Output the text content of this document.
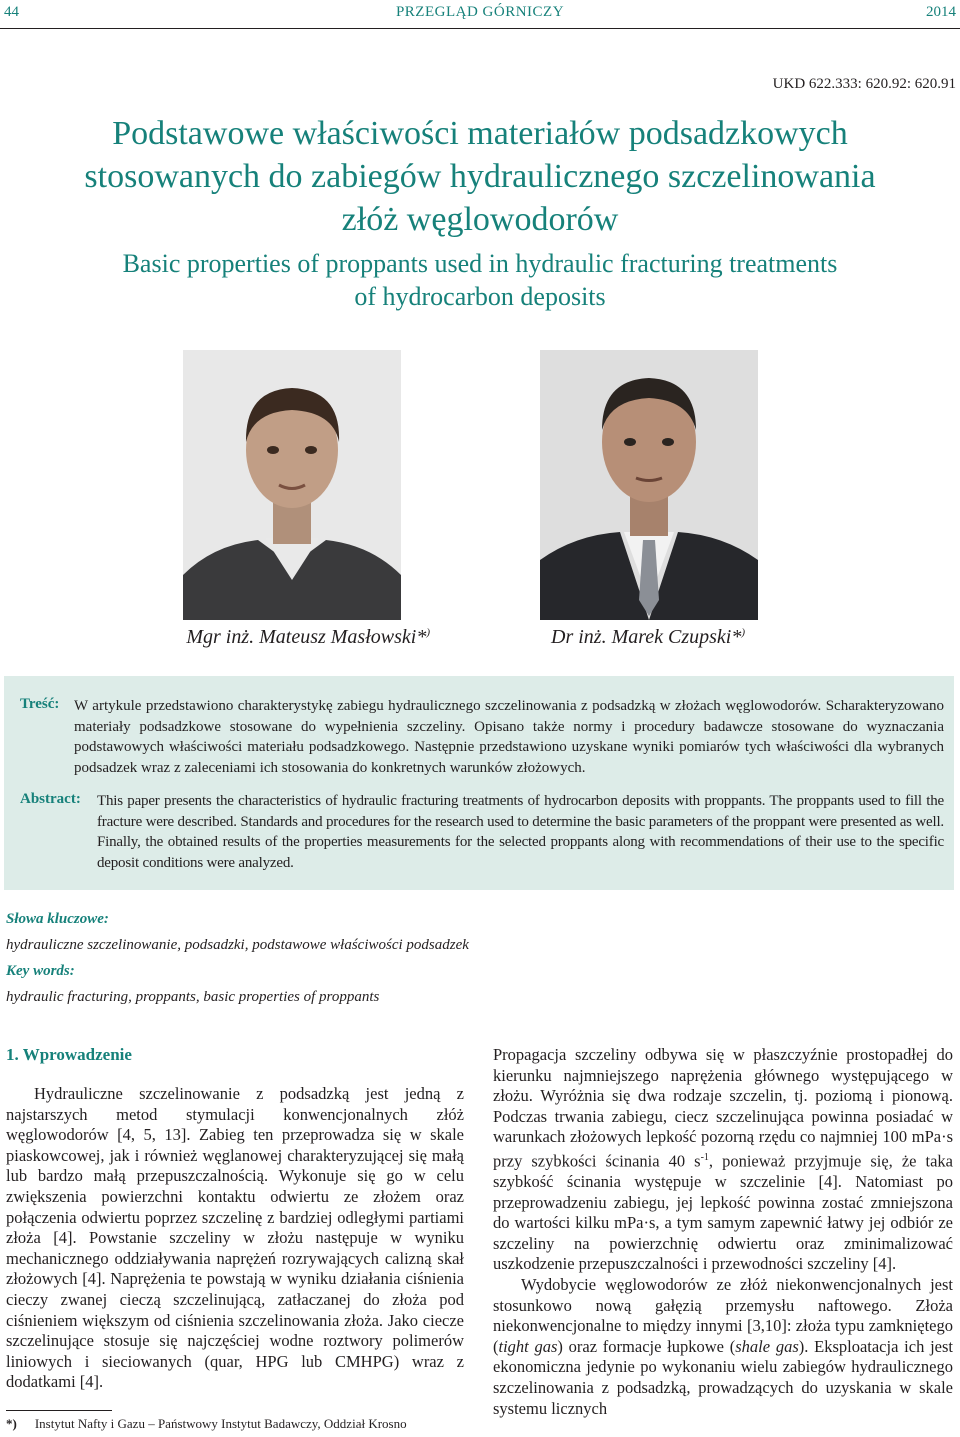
44	PRZEGLĄD GÓRNICZY	2014
UKD 622.333: 620.92: 620.91
Podstawowe właściwości materiałów podsadzkowych
stosowanych do zabiegów hydraulicznego szczelinowania
złóż węglowodorów
Basic properties of proppants used in hydraulic fracturing treatments
of hydrocarbon deposits
Mgr inż. Mateusz Masłowski*)	Dr inż. Marek Czupski*)
Treść: W artykule przedstawiono charakterystykę zabiegu hydraulicznego szczelinowania z podsadzką w złożach węglowodorów. Scharakteryzowano materiały podsadzkowe stosowane do wypełnienia szczeliny. Opisano także normy i procedury badawcze stosowane do wyznaczania podstawowych właściwości materiału podsadzkowego. Następnie przedstawiono uzyskane wyniki pomiarów tych właściwości dla wybranych podsadzek wraz z zaleceniami ich stosowania do konkretnych warunków złożowych.
Abstract: This paper presents the characteristics of hydraulic fracturing treatments of hydrocarbon deposits with proppants. The proppants used to fill the fracture were described. Standards and procedures for the research used to determine the basic parameters of the proppant were presented as well. Finally, the obtained results of the properties measurements for the selected proppants along with recommendations of their use to the specific deposit conditions were analyzed.
Słowa kluczowe:
hydrauliczne szczelinowanie, podsadzki, podstawowe właściwości podsadzek
Key words:
hydraulic fracturing, proppants, basic properties of proppants
1. Wprowadzenie

Hydrauliczne szczelinowanie z podsadzką jest jedną z najstarszych metod stymulacji konwencjonalnych złóż węglowodorów [4, 5, 13]. Zabieg ten przeprowadza się w skale piaskowcowej, jak i również węglanowej charakteryzującej się małą lub bardzo małą przepuszczalnością. Wykonuje się go w celu zwiększenia powierzchni kontaktu odwiertu ze złożem oraz połączenia odwiertu poprzez szczelinę z bardziej odległymi partiami złoża [4]. Powstanie szczeliny w złożu następuje w wyniku mechanicznego oddziaływania naprężeń rozrywających calizną skał złożowych [4]. Naprężenia te powstają w wyniku działania ciśnienia cieczy zwanej cieczą szczelinującą, zatłaczanej do złoża pod ciśnieniem większym od ciśnienia szczelinowania złoża. Jako ciecze szczelinujące stosuje się najczęściej wodne roztwory polimerów liniowych i sieciowanych (quar, HPG lub CMHPG) wraz z dodatkami [4].

Propagacja szczeliny odbywa się w płaszczyźnie prostopadłej do kierunku najmniejszego naprężenia głównego występującego w złożu. Wyróżnia się dwa rodzaje szczelin, tj. poziomą i pionową. Podczas trwania zabiegu, ciecz szczelinująca powinna posiadać w warunkach złożowych lepkość pozorną rzędu co najmniej 100 mPa·s przy szybkości ścinania 40 $s^{-1}$, ponieważ przyjmuje się, że taka szybkość ścinania występuje w szczelinie [4]. Natomiast po przeprowadzeniu zabiegu, jej lepkość powinna zostać zmniejszona do wartości kilku mPa·s, a tym samym zapewnić łatwy jej odbiór ze szczeliny na powierzchnię odwiertu oraz zminimalizować uszkodzenie przepuszczalności i przewodności szczeliny [4].

Wydobycie węglowodorów ze złóż niekonwencjonalnych jest stosunkowo nową gałęzią przemysłu naftowego. Złoża niekonwencjonalne to między innymi [3,10]: złoża typu zamkniętego (tight gas) oraz formacje łupkowe (shale gas). Eksploatacja ich jest ekonomiczna jedynie po wykonaniu wielu zabiegów hydraulicznego szczelinowania z podsadzką, prowadzących do uzyskania w skale systemu licznych

*) Instytut Nafty i Gazu – Państwowy Instytut Badawczy, Oddział Krosno
